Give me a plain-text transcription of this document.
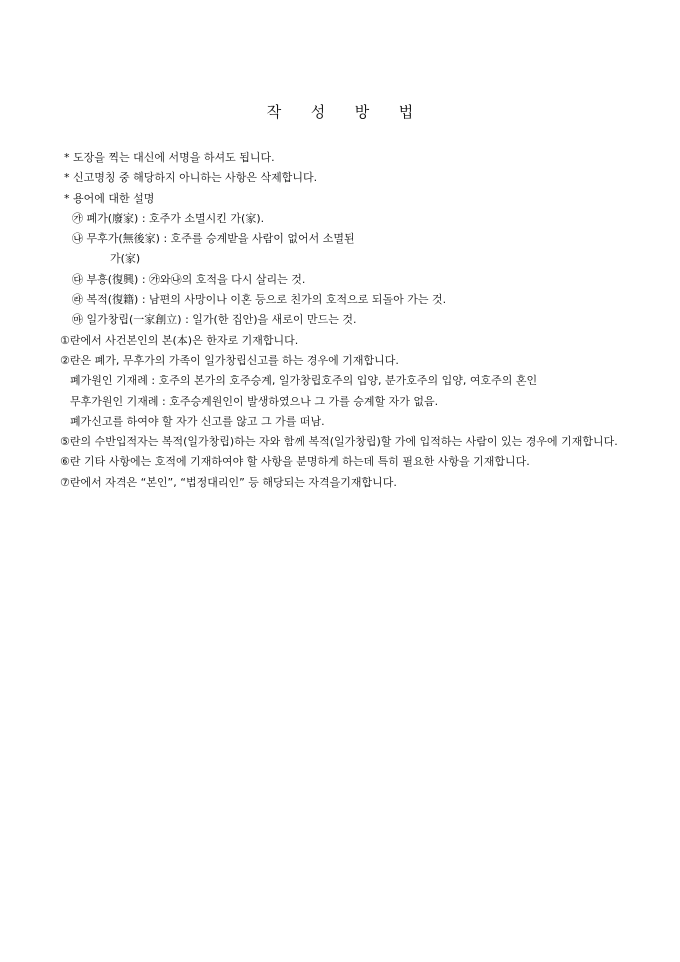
작 성 방 법
* 도장을 찍는 대신에 서명을 하셔도 됩니다.
* 신고명칭 중 해당하지 아니하는 사항은 삭제합니다.
* 용어에 대한 설명
㉮ 폐가(廢家) : 호주가 소멸시킨 가(家).
㉯ 무후가(無後家) : 호주를 승계받을 사람이 없어서 소멸된
가(家)
㉰ 부흥(復興) : ㉮와㉯의 호적을 다시 살리는 것.
㉱ 복적(復籍) : 남편의 사망이나 이혼 등으로 친가의 호적으로 되돌아 가는 것.
㉲ 일가창립(一家創立) : 일가(한 집안)을 새로이 만드는 것.
①란에서 사건본인의 본(本)은 한자로 기재합니다.
②란은 폐가, 무후가의 가족이 일가창립신고를 하는 경우에 기재합니다.
폐가원인 기재례 : 호주의 본가의 호주승계, 일가창립호주의 입양, 분가호주의 입양, 여호주의 혼인
무후가원인 기재례 : 호주승계원인이 발생하였으나 그 가를 승계할 자가 없음.
폐가신고를 하여야 할 자가 신고를 않고 그 가를 떠남.
⑤란의 수반입적자는 복적(일가창립)하는 자와 함께 복적(일가창립)할 가에 입적하는 사람이 있는 경우에 기재합니다.
⑥란 기타 사항에는 호적에 기재하여야 할 사항을 분명하게 하는데 특히 필요한 사항을 기재합니다.
⑦란에서 자격은 “본인”, “법정대리인” 등 해당되는 자격을기재합니다.
